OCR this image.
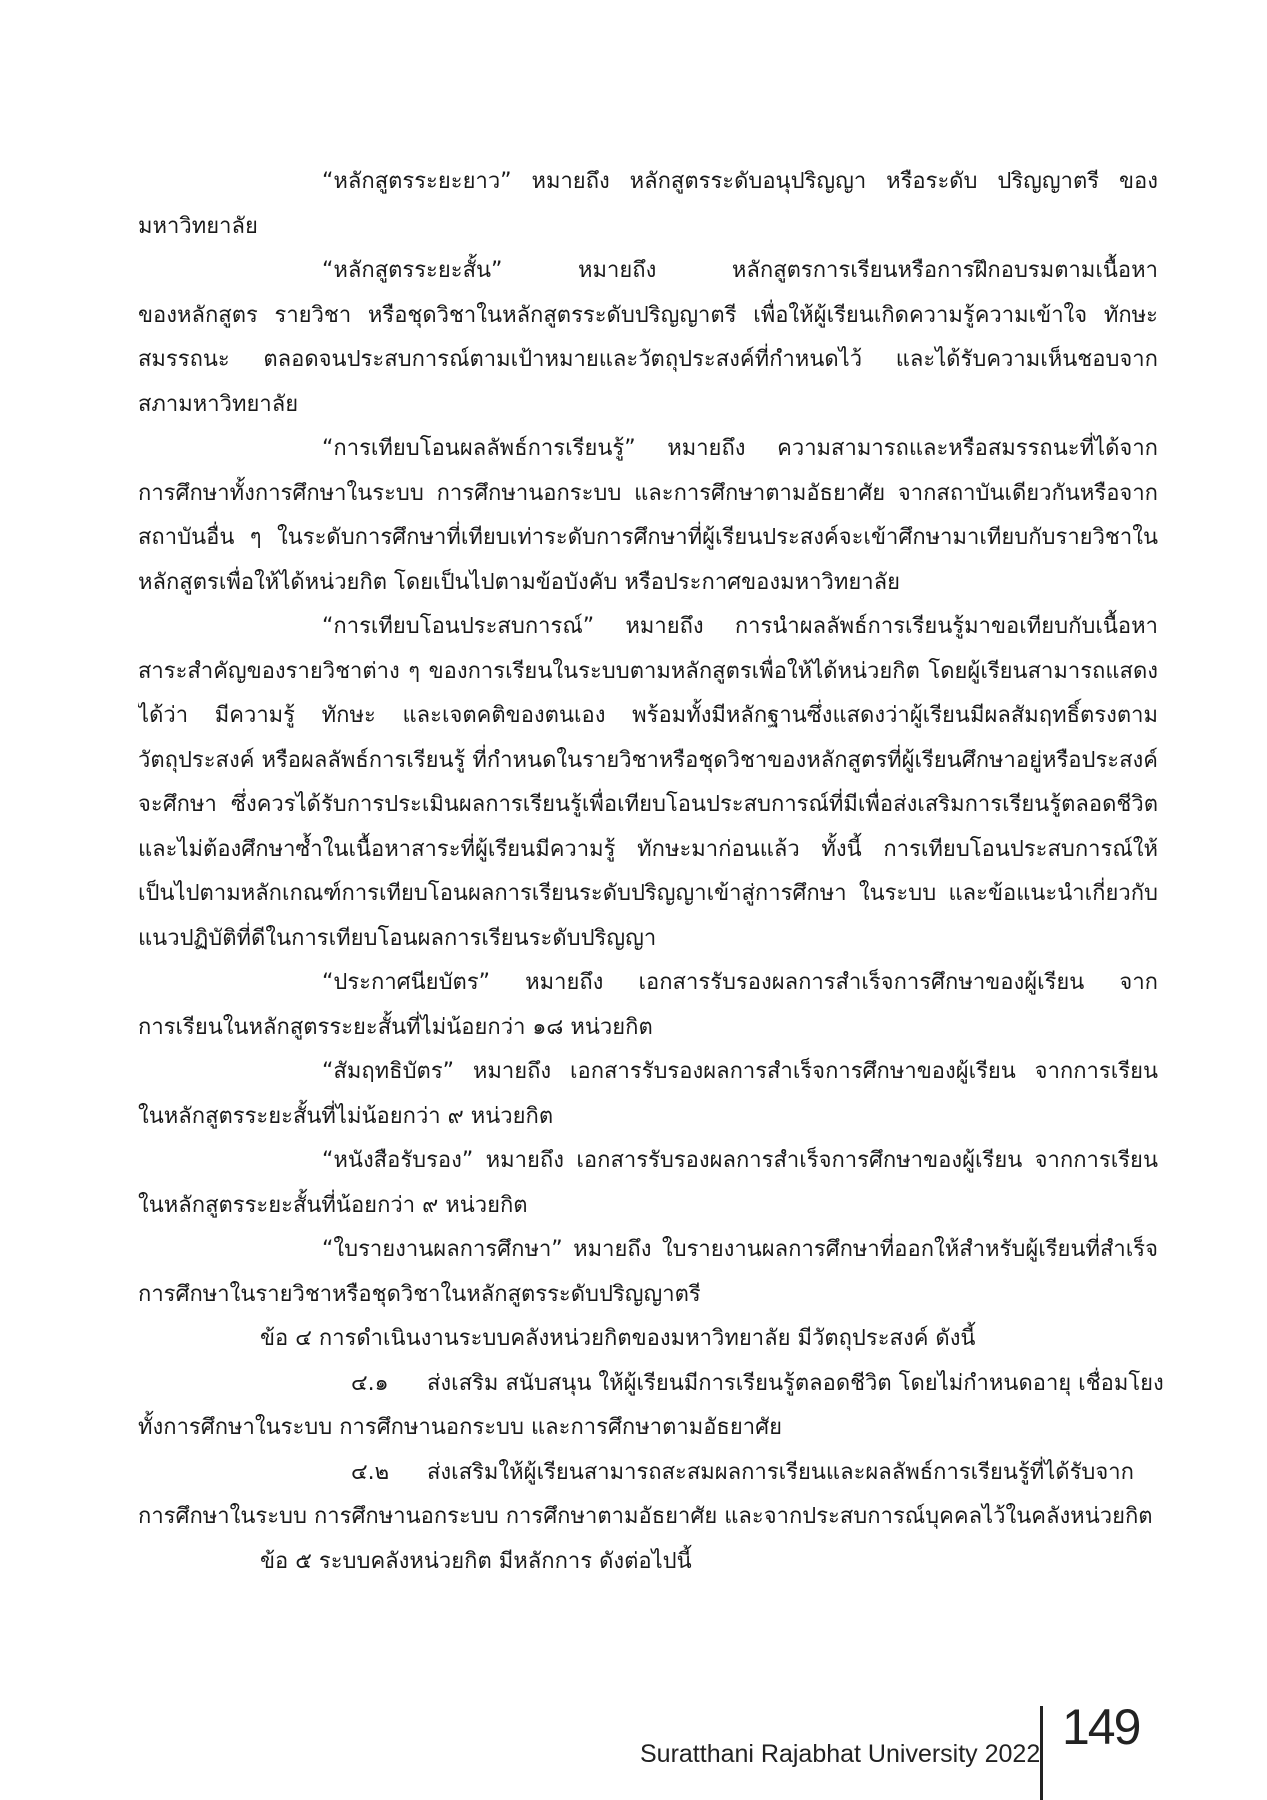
“หลักสูตรระยะยาว” หมายถึง หลักสูตรระดับอนุปริญญา หรือระดับ ปริญญาตรี ของ
มหาวิทยาลัย
“หลักสูตรระยะสั้น” หมายถึง หลักสูตรการเรียนหรือการฝึกอบรมตามเนื้อหา
ของหลักสูตร รายวิชา หรือชุดวิชาในหลักสูตรระดับปริญญาตรี เพื่อให้ผู้เรียนเกิดความรู้ความเข้าใจ ทักษะ
สมรรถนะ ตลอดจนประสบการณ์ตามเป้าหมายและวัตถุประสงค์ที่กำหนดไว้ และได้รับความเห็นชอบจาก
สภามหาวิทยาลัย
“การเทียบโอนผลลัพธ์การเรียนรู้” หมายถึง ความสามารถและหรือสมรรถนะที่ได้จาก
การศึกษาทั้งการศึกษาในระบบ การศึกษานอกระบบ และการศึกษาตามอัธยาศัย จากสถาบันเดียวกันหรือจาก
สถาบันอื่น ๆ ในระดับการศึกษาที่เทียบเท่าระดับการศึกษาที่ผู้เรียนประสงค์จะเข้าศึกษามาเทียบกับรายวิชาใน
หลักสูตรเพื่อให้ได้หน่วยกิต โดยเป็นไปตามข้อบังคับ หรือประกาศของมหาวิทยาลัย
“การเทียบโอนประสบการณ์” หมายถึง การนำผลลัพธ์การเรียนรู้มาขอเทียบกับเนื้อหา
สาระสำคัญของรายวิชาต่าง ๆ ของการเรียนในระบบตามหลักสูตรเพื่อให้ได้หน่วยกิต โดยผู้เรียนสามารถแสดง
ได้ว่า มีความรู้ ทักษะ และเจตคติของตนเอง พร้อมทั้งมีหลักฐานซึ่งแสดงว่าผู้เรียนมีผลสัมฤทธิ์ตรงตาม
วัตถุประสงค์ หรือผลลัพธ์การเรียนรู้ ที่กำหนดในรายวิชาหรือชุดวิชาของหลักสูตรที่ผู้เรียนศึกษาอยู่หรือประสงค์
จะศึกษา ซึ่งควรได้รับการประเมินผลการเรียนรู้เพื่อเทียบโอนประสบการณ์ที่มีเพื่อส่งเสริมการเรียนรู้ตลอดชีวิต
และไม่ต้องศึกษาซ้ำในเนื้อหาสาระที่ผู้เรียนมีความรู้ ทักษะมาก่อนแล้ว ทั้งนี้ การเทียบโอนประสบการณ์ให้
เป็นไปตามหลักเกณฑ์การเทียบโอนผลการเรียนระดับปริญญาเข้าสู่การศึกษา ในระบบ และข้อแนะนำเกี่ยวกับ
แนวปฏิบัติที่ดีในการเทียบโอนผลการเรียนระดับปริญญา
“ประกาศนียบัตร” หมายถึง เอกสารรับรองผลการสำเร็จการศึกษาของผู้เรียน จาก
การเรียนในหลักสูตรระยะสั้นที่ไม่น้อยกว่า ๑๘ หน่วยกิต
“สัมฤทธิบัตร” หมายถึง เอกสารรับรองผลการสำเร็จการศึกษาของผู้เรียน จากการเรียน
ในหลักสูตรระยะสั้นที่ไม่น้อยกว่า ๙ หน่วยกิต
“หนังสือรับรอง” หมายถึง เอกสารรับรองผลการสำเร็จการศึกษาของผู้เรียน จากการเรียน
ในหลักสูตรระยะสั้นที่น้อยกว่า ๙ หน่วยกิต
“ใบรายงานผลการศึกษา” หมายถึง ใบรายงานผลการศึกษาที่ออกให้สำหรับผู้เรียนที่สำเร็จ
การศึกษาในรายวิชาหรือชุดวิชาในหลักสูตรระดับปริญญาตรี
ข้อ ๔ การดำเนินงานระบบคลังหน่วยกิตของมหาวิทยาลัย มีวัตถุประสงค์ ดังนี้
๔.๑	ส่งเสริม สนับสนุน ให้ผู้เรียนมีการเรียนรู้ตลอดชีวิต โดยไม่กำหนดอายุ เชื่อมโยง
ทั้งการศึกษาในระบบ การศึกษานอกระบบ และการศึกษาตามอัธยาศัย
๔.๒	ส่งเสริมให้ผู้เรียนสามารถสะสมผลการเรียนและผลลัพธ์การเรียนรู้ที่ได้รับจาก
การศึกษาในระบบ การศึกษานอกระบบ การศึกษาตามอัธยาศัย และจากประสบการณ์บุคคลไว้ในคลังหน่วยกิต
ข้อ ๕ ระบบคลังหน่วยกิต มีหลักการ ดังต่อไปนี้
Suratthani Rajabhat University 2022 149
